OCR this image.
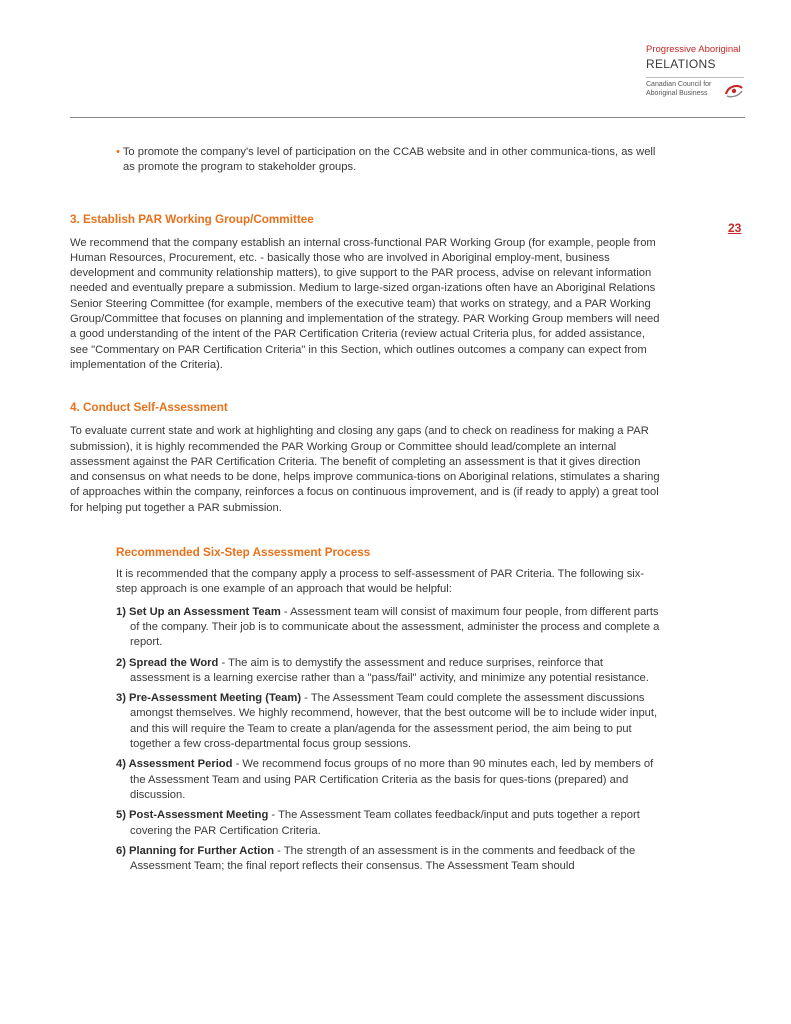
Progressive Aboriginal
RELATIONS
Canadian Council for
Aboriginal Business
23

• To promote the company's level of participation on the CCAB website and in other communica-tions, as well as promote the program to stakeholder groups.

3. Establish PAR Working Group/Committee

We recommend that the company establish an internal cross-functional PAR Working Group (for example, people from Human Resources, Procurement, etc. - basically those who are involved in Aboriginal employ-ment, business development and community relationship matters), to give support to the PAR process, advise on relevant information needed and eventually prepare a submission. Medium to large-sized organ-izations often have an Aboriginal Relations Senior Steering Committee (for example, members of the executive team) that works on strategy, and a PAR Working Group/Committee that focuses on planning and implementation of the strategy. PAR Working Group members will need a good understanding of the intent of the PAR Certification Criteria (review actual Criteria plus, for added assistance, see "Commentary on PAR Certification Criteria" in this Section, which outlines outcomes a company can expect from implementation of the Criteria).

4. Conduct Self-Assessment

To evaluate current state and work at highlighting and closing any gaps (and to check on readiness for making a PAR submission), it is highly recommended the PAR Working Group or Committee should lead/complete an internal assessment against the PAR Certification Criteria. The benefit of completing an assessment is that it gives direction and consensus on what needs to be done, helps improve communica-tions on Aboriginal relations, stimulates a sharing of approaches within the company, reinforces a focus on continuous improvement, and is (if ready to apply) a great tool for helping put together a PAR submission.

Recommended Six-Step Assessment Process

It is recommended that the company apply a process to self-assessment of PAR Criteria. The following six-step approach is one example of an approach that would be helpful:

1) Set Up an Assessment Team - Assessment team will consist of maximum four people, from different parts of the company. Their job is to communicate about the assessment, administer the process and complete a report.
2) Spread the Word - The aim is to demystify the assessment and reduce surprises, reinforce that assessment is a learning exercise rather than a "pass/fail" activity, and minimize any potential resistance.
3) Pre-Assessment Meeting (Team) - The Assessment Team could complete the assessment discussions amongst themselves. We highly recommend, however, that the best outcome will be to include wider input, and this will require the Team to create a plan/agenda for the assessment period, the aim being to put together a few cross-departmental focus group sessions.
4) Assessment Period - We recommend focus groups of no more than 90 minutes each, led by members of the Assessment Team and using PAR Certification Criteria as the basis for ques-tions (prepared) and discussion.
5) Post-Assessment Meeting - The Assessment Team collates feedback/input and puts together a report covering the PAR Certification Criteria.
6) Planning for Further Action - The strength of an assessment is in the comments and feedback of the Assessment Team; the final report reflects their consensus. The Assessment Team should
